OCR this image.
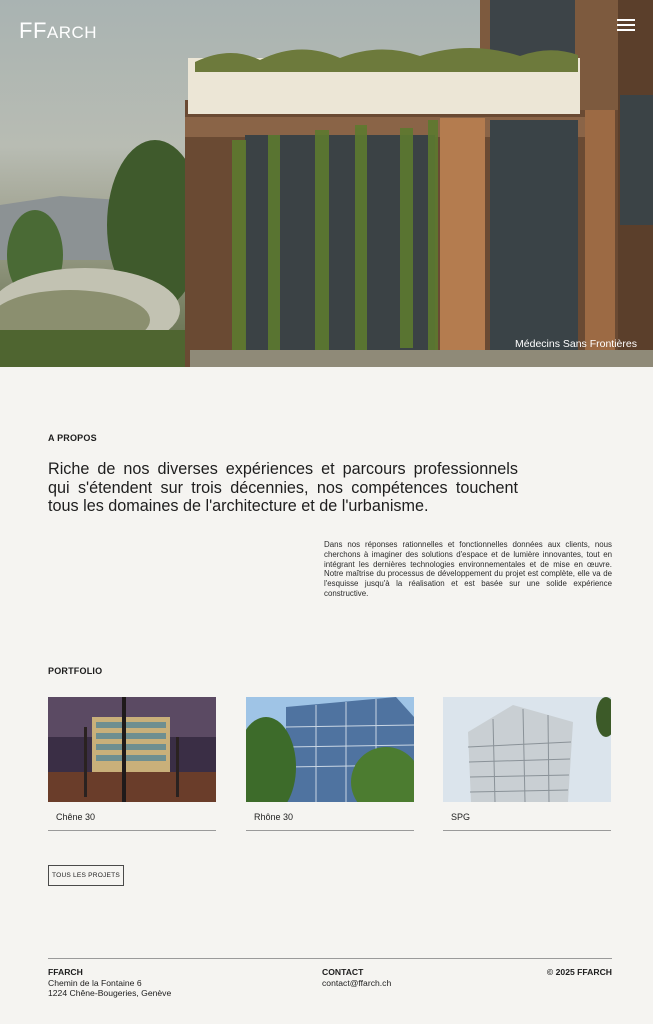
FFARCH
Médecins Sans Frontières
A PROPOS
Riche de nos diverses expériences et parcours professionnels qui s'étendent sur trois décennies, nos compétences touchent tous les domaines de l'architecture et de l'urbanisme.
Dans nos réponses rationnelles et fonctionnelles données aux clients, nous cherchons à imaginer des solutions d'espace et de lumière innovantes, tout en intégrant les dernières technologies environnementales et de mise en œuvre. Notre maîtrise du processus de développement du projet est complète, elle va de l'esquisse jusqu'à la réalisation et est basée sur une solide expérience constructive.
PORTFOLIO
Chêne 30	Rhône 30	SPG
TOUS LES PROJETS
FFARCH
Chemin de la Fontaine 6
1224 Chêne-Bougeries, Genève
CONTACT
contact@ffarch.ch
© 2025 FFARCH
